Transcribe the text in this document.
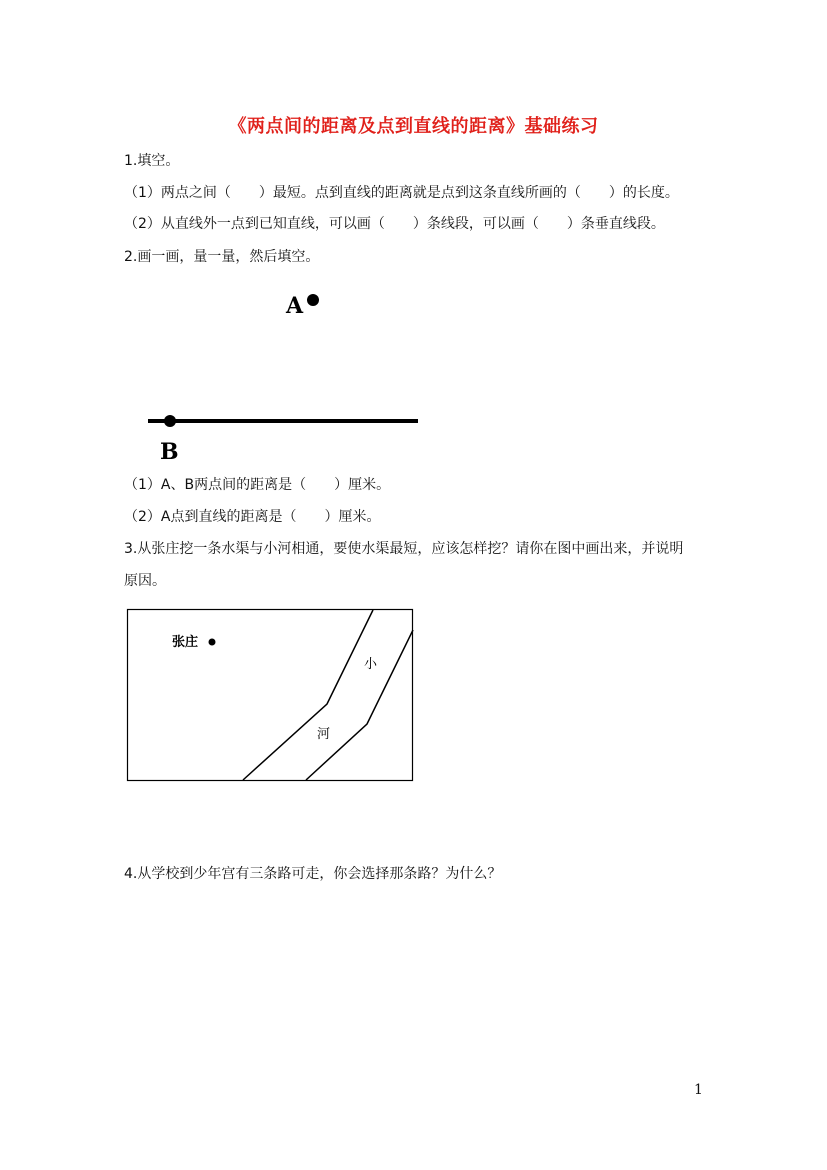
《两点间的距离及点到直线的距离》基础练习
1.填空。
（1）两点之间（　　）最短。点到直线的距离就是点到这条直线所画的（　　）的长度。
（2）从直线外一点到已知直线，可以画（　　）条线段，可以画（　　）条垂直线段。
2.画一画，量一量，然后填空。
A
B
（1）A、B两点间的距离是（　　）厘米。
（2）A点到直线的距离是（　　）厘米。
3.从张庄挖一条水渠与小河相通，要使水渠最短，应该怎样挖？请你在图中画出来，并说明
原因。
张庄
小
河
4.从学校到少年宫有三条路可走，你会选择那条路？为什么？
1
